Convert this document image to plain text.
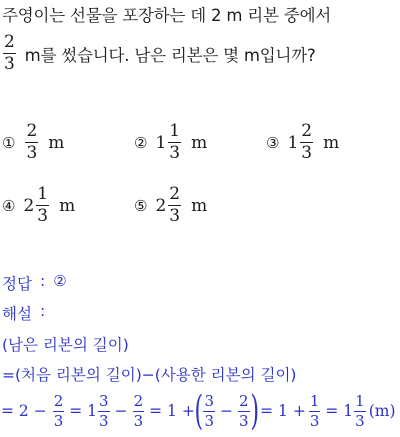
주영이는 선물을 포장하는 데 2 m 리본 중에서
$\frac{2}{3}$ m를 썼습니다. 남은 리본은 몇 m입니까?
① $\frac{2}{3}$ m	② $1 \frac{1}{3}$ m	③ $1 \frac{2}{3}$ m
④ $2 \frac{1}{3}$ m	⑤ $2 \frac{2}{3}$ m
정답 : ②
해설 :
(남은 리본의 길이)
=(처음 리본의 길이)−(사용한 리본의 길이)
= $2 - \frac{2}{3} = 1 \frac{3}{3} - \frac{2}{3} = 1$ + ( $\frac{3}{3} - \frac{2}{3}$ ) = $1 + \frac{1}{3} = 1 \frac{1}{3} (m)$
